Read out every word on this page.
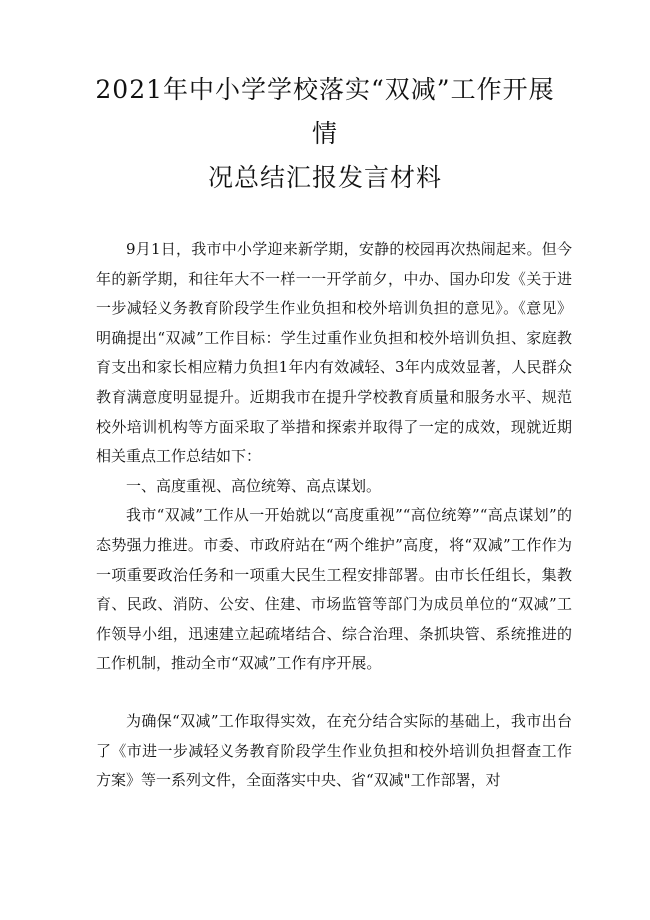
2021年中小学学校落实“双减”工作开展
情
况总结汇报发言材料

9月1日，我市中小学迎来新学期，安静的校园再次热闹起来。但今年的新学期，和往年大不一样一一开学前夕，中办、国办印发《关于进一步减轻义务教育阶段学生作业负担和校外培训负担的意见》。《意见》明确提出“双减”工作目标：学生过重作业负担和校外培训负担、家庭教育支出和家长相应精力负担1年内有效减轻、3年内成效显著，人民群众教育满意度明显提升。近期我市在提升学校教育质量和服务水平、规范校外培训机构等方面采取了举措和探索并取得了一定的成效，现就近期相关重点工作总结如下：

一、高度重视、高位统筹、高点谋划。

我市“双减”工作从一开始就以“高度重视”“高位统筹”“高点谋划”的态势强力推进。市委、市政府站在“两个维护”高度，将“双减”工作作为一项重要政治任务和一项重大民生工程安排部署。由市长任组长，集教育、民政、消防、公安、住建、市场监管等部门为成员单位的“双减”工作领导小组，迅速建立起疏堵结合、综合治理、条抓块管、系统推进的工作机制，推动全市“双减”工作有序开展。

为确保“双减”工作取得实效，在充分结合实际的基础上，我市出台了《市进一步减轻义务教育阶段学生作业负担和校外培训负担督查工作方案》等一系列文件，全面落实中央、省“双减"工作部署，对
